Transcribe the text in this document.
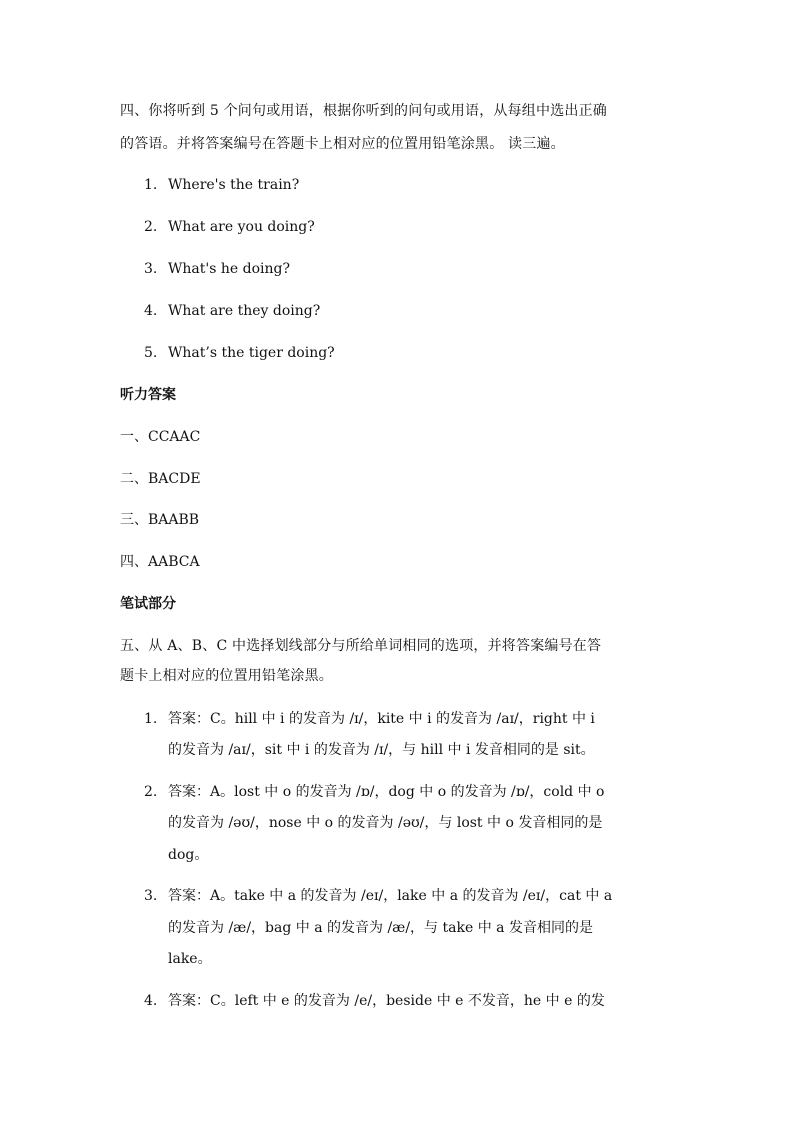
四、你将听到 5 个问句或用语，根据你听到的问句或用语，从每组中选出正确
的答语。并将答案编号在答题卡上相对应的位置用铅笔涂黑。 读三遍。
1. Where's the train?
2. What are you doing?
3. What's he doing?
4. What are they doing?
5. What’s the tiger doing?
听力答案
一、CCAAC
二、BACDE
三、BAABB
四、AABCA
笔试部分
五、从 A、B、C 中选择划线部分与所给单词相同的选项，并将答案编号在答
题卡上相对应的位置用铅笔涂黑。
1. 答案：C。hill 中 i 的发音为 /ɪ/，kite 中 i 的发音为 /aɪ/，right 中 i
的发音为 /aɪ/，sit 中 i 的发音为 /ɪ/，与 hill 中 i 发音相同的是 sit。
2. 答案：A。lost 中 o 的发音为 /ɒ/，dog 中 o 的发音为 /ɒ/，cold 中 o
的发音为 /əʊ/，nose 中 o 的发音为 /əʊ/，与 lost 中 o 发音相同的是
dog。
3. 答案：A。take 中 a 的发音为 /eɪ/，lake 中 a 的发音为 /eɪ/，cat 中 a
的发音为 /æ/，bag 中 a 的发音为 /æ/，与 take 中 a 发音相同的是
lake。
4. 答案：C。left 中 e 的发音为 /e/，beside 中 e 不发音，he 中 e 的发
